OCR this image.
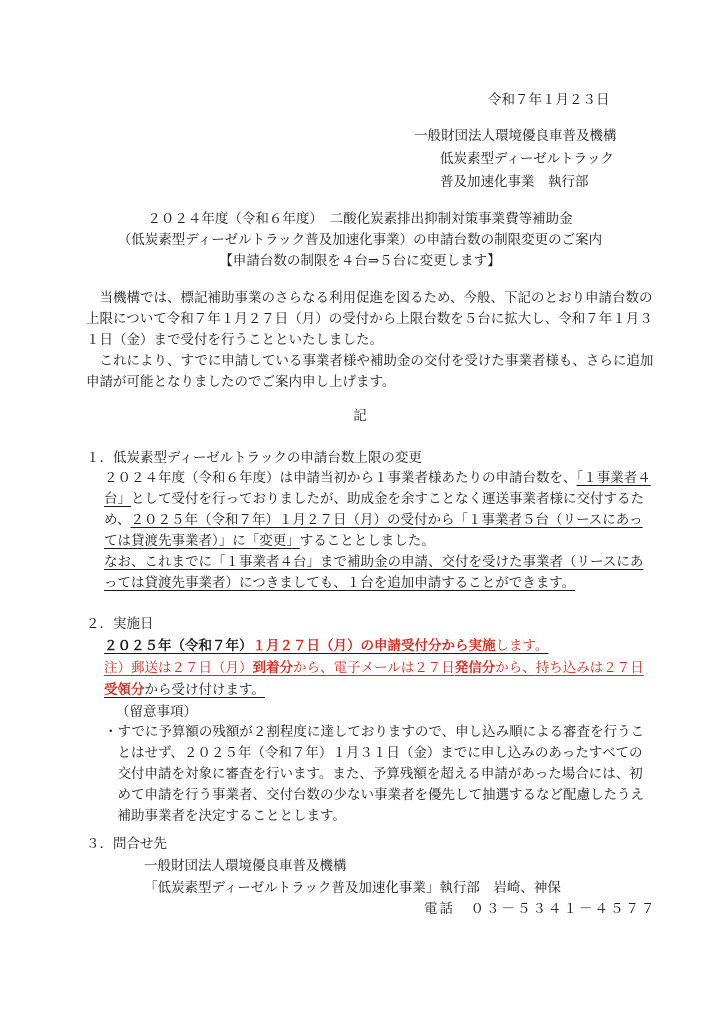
令和７年１月２３日
一般財団法人環境優良車普及機構
低炭素型ディーゼルトラック
普及加速化事業　執行部
２０２４年度（令和６年度）　二酸化炭素排出抑制対策事業費等補助金
（低炭素型ディーゼルトラック普及加速化事業）の申請台数の制限変更のご案内
【申請台数の制限を４台⇒５台に変更します】
　当機構では、標記補助事業のさらなる利用促進を図るため、今般、下記のとおり申請台数の
上限について令和７年１月２７日（月）の受付から上限台数を５台に拡大し、令和７年１月３
１日（金）まで受付を行うことといたしました。
　これにより、すでに申請している事業者様や補助金の交付を受けた事業者様も、さらに追加
申請が可能となりましたのでご案内申し上げます。
記
１．低炭素型ディーゼルトラックの申請台数上限の変更
２０２４年度（令和６年度）は申請当初から１事業者様あたりの申請台数を、「１事業者４
台」として受付を行っておりましたが、助成金を余すことなく運送事業者様に交付するた
め、２０２５年（令和７年）１月２７日（月）の受付から「１事業者５台（リースにあっ
ては貸渡先事業者）」に「変更」することとしました。
なお、これまでに「１事業者４台」まで補助金の申請、交付を受けた事業者（リースにあ
っては貸渡先事業者）につきましても、１台を追加申請することができます。
２．実施日
２０２５年（令和７年）１月２７日（月）の申請受付分から実施します。
注）郵送は２７日（月）到着分から、電子メールは２７日発信分から、持ち込みは２７日
受領分から受け付けます。
（留意事項）
・すでに予算額の残額が２割程度に達しておりますので、申し込み順による審査を行うこ
　とはせず、２０２５年（令和７年）１月３１日（金）までに申し込みのあったすべての
　交付申請を対象に審査を行います。また、予算残額を超える申請があった場合には、初
　めて申請を行う事業者、交付台数の少ない事業者を優先して抽選するなど配慮したうえ
　補助事業者を決定することとします。
３．問合せ先
一般財団法人環境優良車普及機構
「低炭素型ディーゼルトラック普及加速化事業」執行部　岩崎、神保
電話　０３－５３４１－４５７７
